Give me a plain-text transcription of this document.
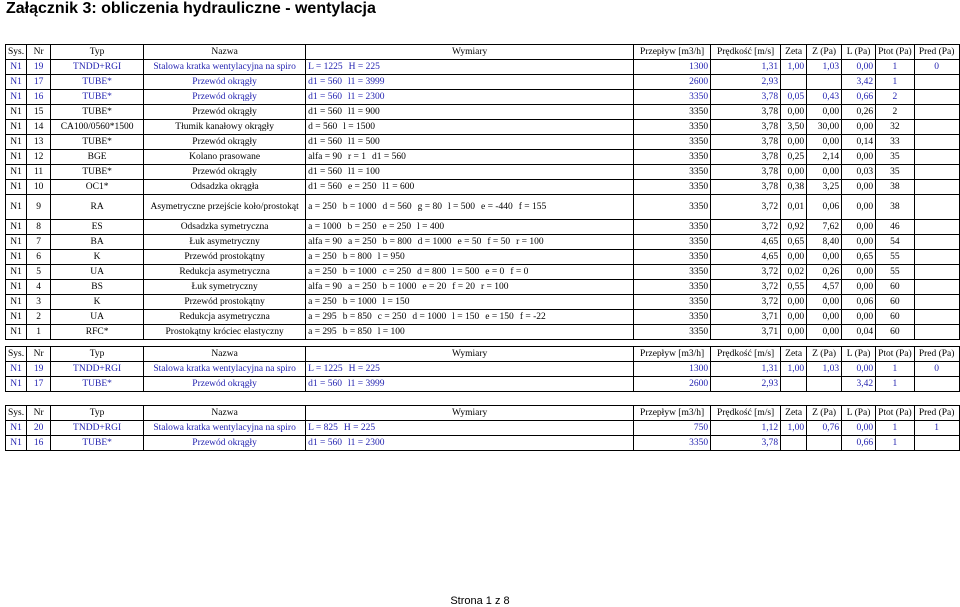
Załącznik 3: obliczenia hydrauliczne - wentylacja
Sys.	Nr	Typ	Nazwa	Wymiary	Przepływ [m3/h]	Prędkość [m/s]	Zeta	Z (Pa)	L (Pa)	Ptot (Pa)	Pred (Pa)
N1	19	TNDD+RGI	Stalowa kratka wentylacyjna na spiro	L = 1225 H = 225	1300	1,31	1,00	1,03	0,00	1	0
N1	17	TUBE*	Przewód okrągły	d1 = 560 l1 = 3999	2600	2,93			3,42	1	
N1	16	TUBE*	Przewód okrągły	d1 = 560 l1 = 2300	3350	3,78	0,05	0,43	0,66	2	
N1	15	TUBE*	Przewód okrągły	d1 = 560 l1 = 900	3350	3,78	0,00	0,00	0,26	2	
N1	14	CA100/0560*1500	Tłumik kanałowy okrągły	d = 560 l = 1500	3350	3,78	3,50	30,00	0,00	32	
N1	13	TUBE*	Przewód okrągły	d1 = 560 l1 = 500	3350	3,78	0,00	0,00	0,14	33	
N1	12	BGE	Kolano prasowane	alfa = 90 r = 1 d1 = 560	3350	3,78	0,25	2,14	0,00	35	
N1	11	TUBE*	Przewód okrągły	d1 = 560 l1 = 100	3350	3,78	0,00	0,00	0,03	35	
N1	10	OC1*	Odsadzka okrągła	d1 = 560 e = 250 l1 = 600	3350	3,78	0,38	3,25	0,00	38	
N1	9	RA	Asymetryczne przejście koło/prostokąt	a = 250 b = 1000 d = 560 g = 80 l = 500 e = -440 f = 155	3350	3,72	0,01	0,06	0,00	38	
N1	8	ES	Odsadzka symetryczna	a = 1000 b = 250 e = 250 l = 400	3350	3,72	0,92	7,62	0,00	46	
N1	7	BA	Łuk asymetryczny	alfa = 90 a = 250 b = 800 d = 1000 e = 50 f = 50 r = 100	3350	4,65	0,65	8,40	0,00	54	
N1	6	K	Przewód prostokątny	a = 250 b = 800 l = 950	3350	4,65	0,00	0,00	0,65	55	
N1	5	UA	Redukcja asymetryczna	a = 250 b = 1000 c = 250 d = 800 l = 500 e = 0 f = 0	3350	3,72	0,02	0,26	0,00	55	
N1	4	BS	Łuk symetryczny	alfa = 90 a = 250 b = 1000 e = 20 f = 20 r = 100	3350	3,72	0,55	4,57	0,00	60	
N1	3	K	Przewód prostokątny	a = 250 b = 1000 l = 150	3350	3,72	0,00	0,00	0,06	60	
N1	2	UA	Redukcja asymetryczna	a = 295 b = 850 c = 250 d = 1000 l = 150 e = 150 f = -22	3350	3,71	0,00	0,00	0,00	60	
N1	1	RFC*	Prostokątny króciec elastyczny	a = 295 b = 850 l = 100	3350	3,71	0,00	0,00	0,04	60	
Sys.	Nr	Typ	Nazwa	Wymiary	Przepływ [m3/h]	Prędkość [m/s]	Zeta	Z (Pa)	L (Pa)	Ptot (Pa)	Pred (Pa)
N1	19	TNDD+RGI	Stalowa kratka wentylacyjna na spiro	L = 1225 H = 225	1300	1,31	1,00	1,03	0,00	1	0
N1	17	TUBE*	Przewód okrągły	d1 = 560 l1 = 3999	2600	2,93			3,42	1	
Sys.	Nr	Typ	Nazwa	Wymiary	Przepływ [m3/h]	Prędkość [m/s]	Zeta	Z (Pa)	L (Pa)	Ptot (Pa)	Pred (Pa)
N1	20	TNDD+RGI	Stalowa kratka wentylacyjna na spiro	L = 825 H = 225	750	1,12	1,00	0,76	0,00	1	1
N1	16	TUBE*	Przewód okrągły	d1 = 560 l1 = 2300	3350	3,78			0,66	1	
Strona 1 z 8
